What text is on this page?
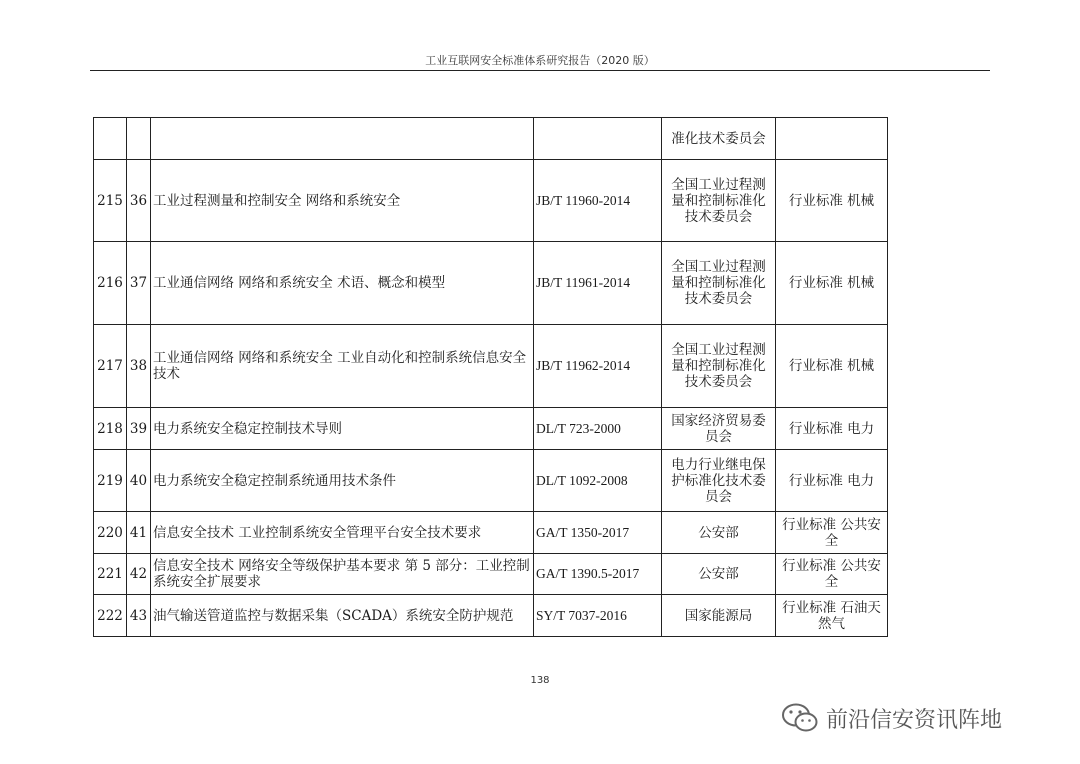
工业互联网安全标准体系研究报告（2020 版）

				准化技术委员会	

215	36	工业过程测量和控制安全 网络和系统安全	JB/T 11960-2014	全国工业过程测量和控制标准化技术委员会	行业标准 机械

216	37	工业通信网络 网络和系统安全 术语、概念和模型	JB/T 11961-2014	全国工业过程测量和控制标准化技术委员会	行业标准 机械

217	38	工业通信网络 网络和系统安全 工业自动化和控制系统信息安全技术	JB/T 11962-2014	全国工业过程测量和控制标准化技术委员会	行业标准 机械

218	39	电力系统安全稳定控制技术导则	DL/T 723-2000	国家经济贸易委员会	行业标准 电力

219	40	电力系统安全稳定控制系统通用技术条件	DL/T 1092-2008	电力行业继电保护标准化技术委员会	行业标准 电力

220	41	信息安全技术 工业控制系统安全管理平台安全技术要求	GA/T 1350-2017	公安部	行业标准 公共安全

221	42	信息安全技术 网络安全等级保护基本要求 第 5 部分：工业控制系统安全扩展要求	GA/T 1390.5-2017	公安部	行业标准 公共安全

222	43	油气输送管道监控与数据采集（SCADA）系统安全防护规范	SY/T 7037-2016	国家能源局	行业标准 石油天然气
138
前沿信安资讯阵地
